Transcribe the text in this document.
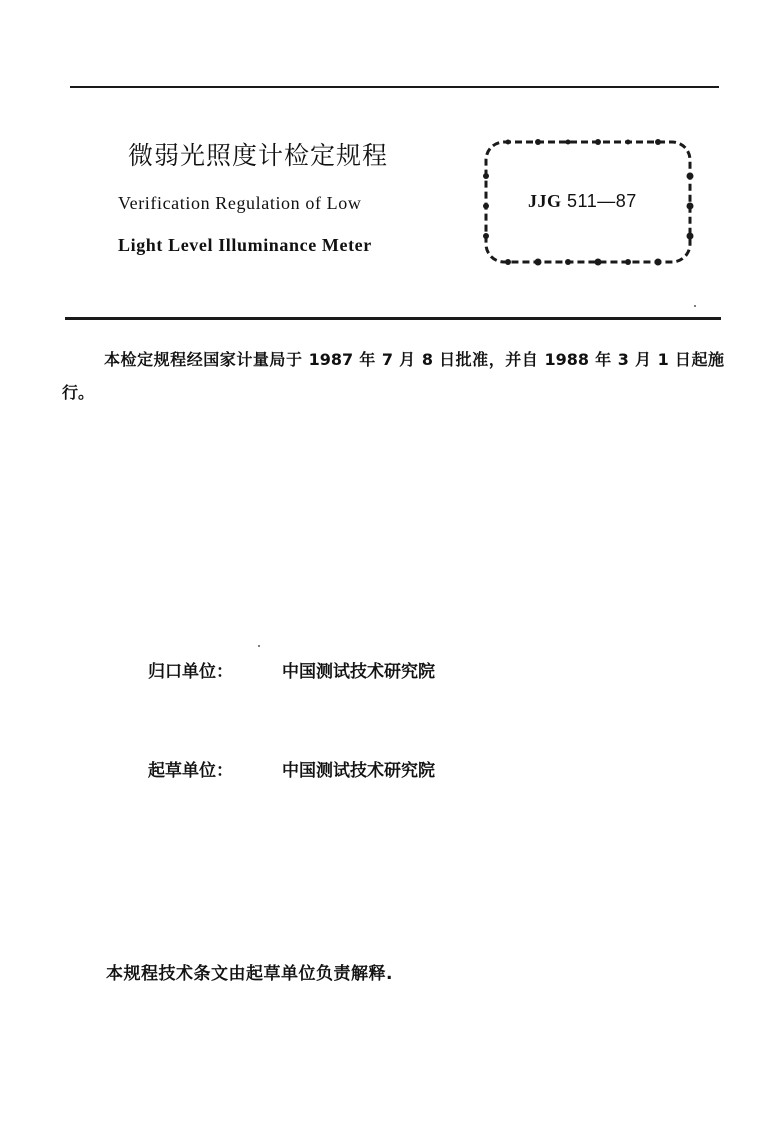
微弱光照度计检定规程
Verification Regulation of Low
Light Level Illuminance Meter
JJG 511—87
本检定规程经国家计量局于 1987 年 7 月 8 日批准，并自 1988 年 3 月 1 日起施行。
归口单位：	中国测试技术研究院
起草单位：	中国测试技术研究院
本规程技术条文由起草单位负责解释.
